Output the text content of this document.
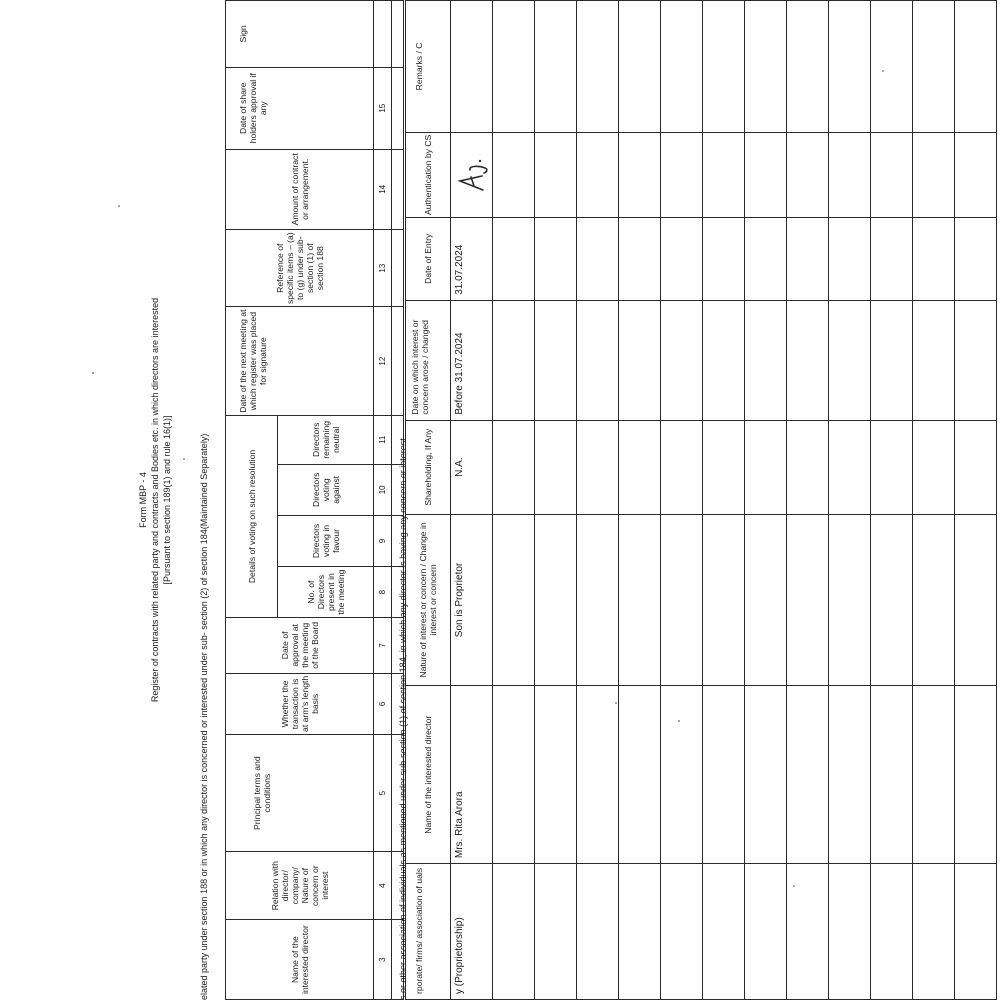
Form MBP - 4 Register of contracts with related party and contracts and Bodies etc. in which directors are interested [Pursuant to section 189(1) and rule 16(1)]	elated party under section 188 or in which any director is concerned or interested under sub- section (2) of section 184(Maintained Separately)	Name of the interested director	Relation with director/ company/ Nature of concern or interest	Principal terms and conditions	Whether the transaction is at arm's length basis	Date of approval at the meeting of the Board	Details of voting on such resolution				Date of the next meeting at which register was placed for signature	Reference of specific items – (a) to (g) under sub-section (1) of section 188	Amount of contract or arrangement.	Date of share holders approval if any	Sign
					No. of Directors present in the meeting	Directors voting in favour	Directors voting against	Directors remaining neutral					
3	4	5	6	7	8	9	10	11	12	13	14	15	

s or other association of individuals as mentioned under sub-section (1) of section 184, in which any director is having any concern or interest rporate/ firms/ association of uals	Name of the interested director	Nature of interest or concern / Change in interest or concern	Shareholding, If Any	Date on which interest or concern arose / changed	Date of Entry	Authentication by CS	Remarks / C
y (Proprietorship)	Mrs. Rita Arora	Son is Proprietor	N.A.	Before 31.07.2024	31.07.2024		
